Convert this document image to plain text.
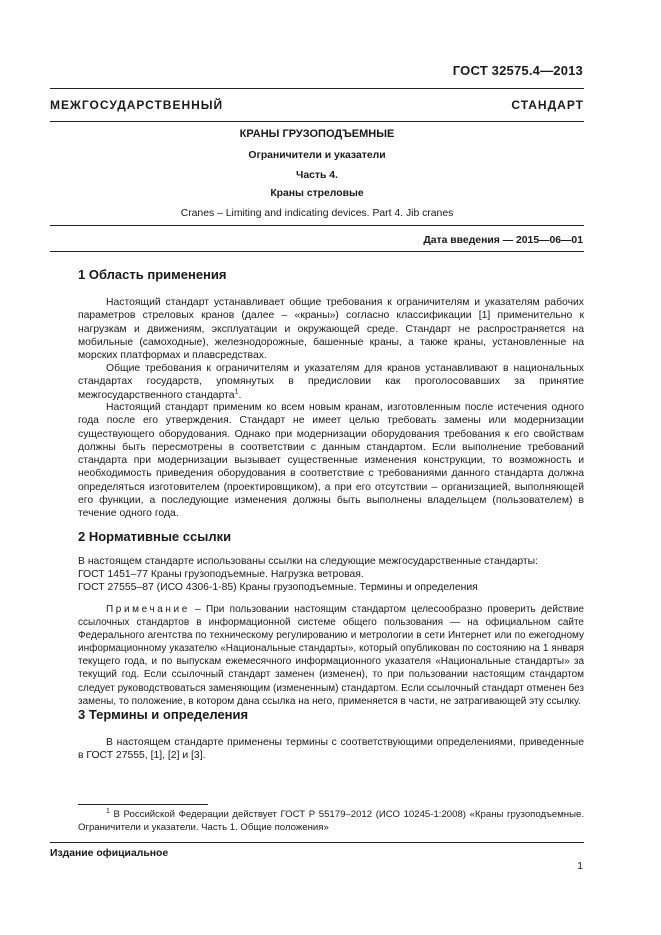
ГОСТ 32575.4—2013
МЕЖГОСУДАРСТВЕННЫЙ СТАНДАРТ
КРАНЫ ГРУЗОПОДЪЕМНЫЕ
Ограничители и указатели
Часть 4.
Краны стреловые
Cranes – Limiting and indicating devices. Part 4. Jib cranes
Дата введения — 2015—06—01
1 Область применения
Настоящий стандарт устанавливает общие требования к ограничителям и указателям рабочих параметров стреловых кранов (далее – «краны») согласно классификации [1] применительно к нагрузкам и движениям, эксплуатации и окружающей среде. Стандарт не распространяется на мобильные (самоходные), железнодорожные, башенные краны, а также краны, установленные на морских платформах и плавсредствах.
Общие требования к ограничителям и указателям для кранов устанавливают в национальных стандартах государств, упомянутых в предисловии как проголосовавших за принятие межгосударственного стандарта$^1$.
Настоящий стандарт применим ко всем новым кранам, изготовленным после истечения одного года после его утверждения. Стандарт не имеет целью требовать замены или модернизации существующего оборудования. Однако при модернизации оборудования требования к его свойствам должны быть пересмотрены в соответствии с данным стандартом. Если выполнение требований стандарта при модернизации вызывает существенные изменения конструкции, то возможность и необходимость приведения оборудования в соответствие с требованиями данного стандарта должна определяться изготовителем (проектировщиком), а при его отсутствии – организацией, выполняющей его функции, а последующие изменения должны быть выполнены владельцем (пользователем) в течение одного года.
2 Нормативные ссылки
В настоящем стандарте использованы ссылки на следующие межгосударственные стандарты:
ГОСТ 1451–77 Краны грузоподъемные. Нагрузка ветровая.
ГОСТ 27555–87 (ИСО 4306-1-85) Краны грузоподъемные. Термины и определения
Примечание – При пользовании настоящим стандартом целесообразно проверить действие ссылочных стандартов в информационной системе общего пользования — на официальном сайте Федерального агентства по техническому регулированию и метрологии в сети Интернет или по ежегодному информационному указателю «Национальные стандарты», который опубликован по состоянию на 1 января текущего года, и по выпускам ежемесячного информационного указателя «Национальные стандарты» за текущий год. Если ссылочный стандарт заменен (изменен), то при пользовании настоящим стандартом следует руководствоваться заменяющим (измененным) стандартом. Если ссылочный стандарт отменен без замены, то положение, в котором дана ссылка на него, применяется в части, не затрагивающей эту ссылку.
3 Термины и определения
В настоящем стандарте применены термины с соответствующими определениями, приведенные в ГОСТ 27555, [1], [2] и [3].
$^1$ В Российской Федерации действует ГОСТ Р 55179–2012 (ИСО 10245-1:2008) «Краны грузоподъемные. Ограничители и указатели. Часть 1. Общие положения»
Издание официальное
1
